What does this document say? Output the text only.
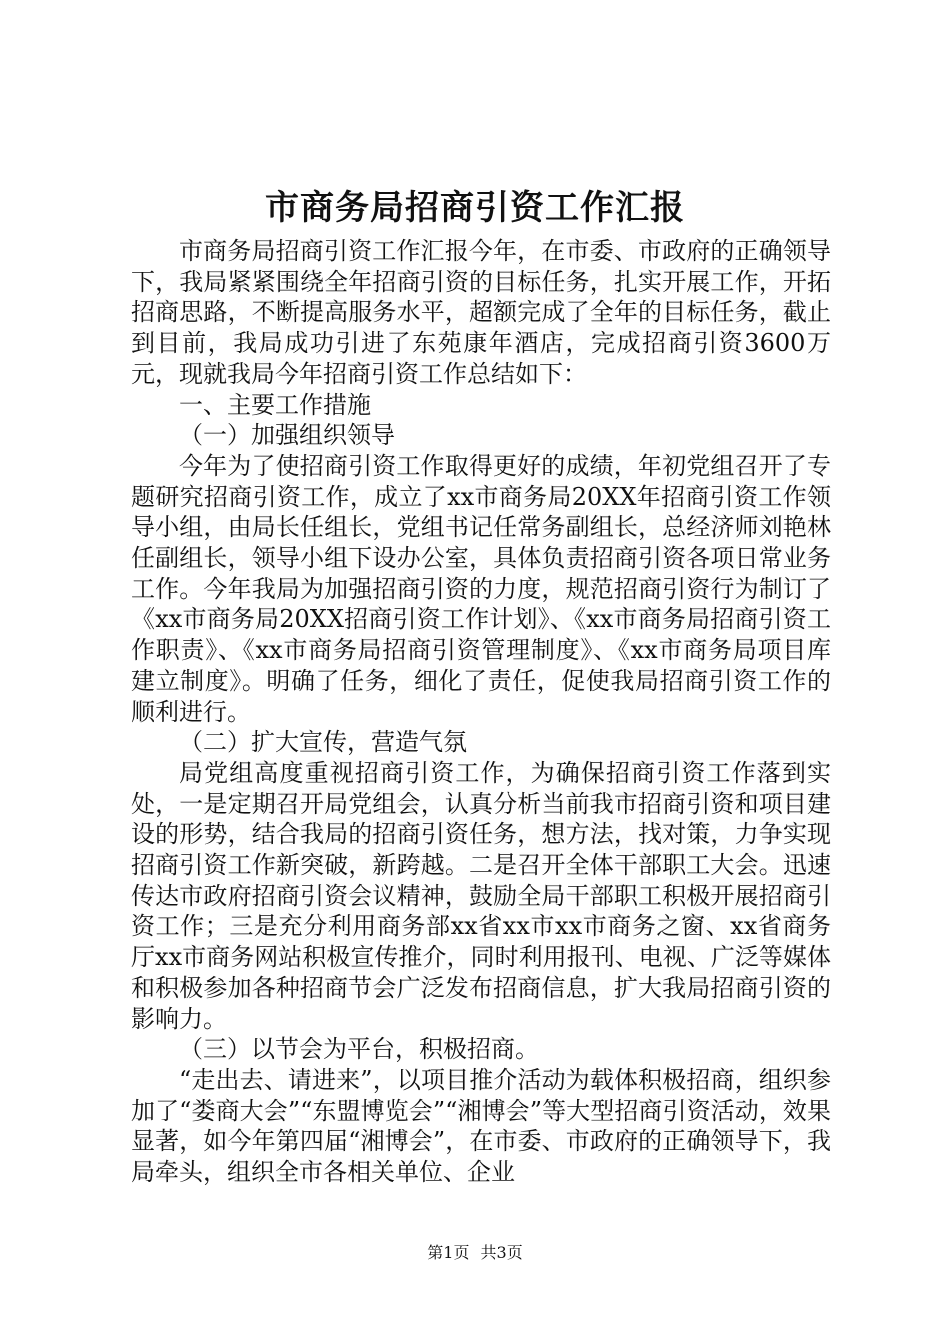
市商务局招商引资工作汇报

市商务局招商引资工作汇报今年，在市委、市政府的正确领导下，我局紧紧围绕全年招商引资的目标任务，扎实开展工作，开拓招商思路，不断提高服务水平，超额完成了全年的目标任务，截止到目前，我局成功引进了东苑康年酒店，完成招商引资3600万元，现就我局今年招商引资工作总结如下：

一、主要工作措施

（一）加强组织领导

今年为了使招商引资工作取得更好的成绩，年初党组召开了专题研究招商引资工作，成立了xx市商务局20XX年招商引资工作领导小组，由局长任组长，党组书记任常务副组长，总经济师刘艳林任副组长，领导小组下设办公室，具体负责招商引资各项日常业务工作。今年我局为加强招商引资的力度，规范招商引资行为制订了《xx市商务局20XX招商引资工作计划》、《xx市商务局招商引资工作职责》、《xx市商务局招商引资管理制度》、《xx市商务局项目库建立制度》。明确了任务，细化了责任，促使我局招商引资工作的顺利进行。

（二）扩大宣传，营造气氛

局党组高度重视招商引资工作，为确保招商引资工作落到实处，一是定期召开局党组会，认真分析当前我市招商引资和项目建设的形势，结合我局的招商引资任务，想方法，找对策，力争实现招商引资工作新突破，新跨越。二是召开全体干部职工大会。迅速传达市政府招商引资会议精神，鼓励全局干部职工积极开展招商引资工作；三是充分利用商务部xx省xx市xx市商务之窗、xx省商务厅xx市商务网站积极宣传推介，同时利用报刊、电视、广泛等媒体和积极参加各种招商节会广泛发布招商信息，扩大我局招商引资的影响力。

（三）以节会为平台，积极招商。

“走出去、请进来”，以项目推介活动为载体积极招商，组织参加了“娄商大会”“东盟博览会”“湘博会”等大型招商引资活动，效果显著，如今年第四届“湘博会”，在市委、市政府的正确领导下，我局牵头，组织全市各相关单位、企业

第1页 共3页
